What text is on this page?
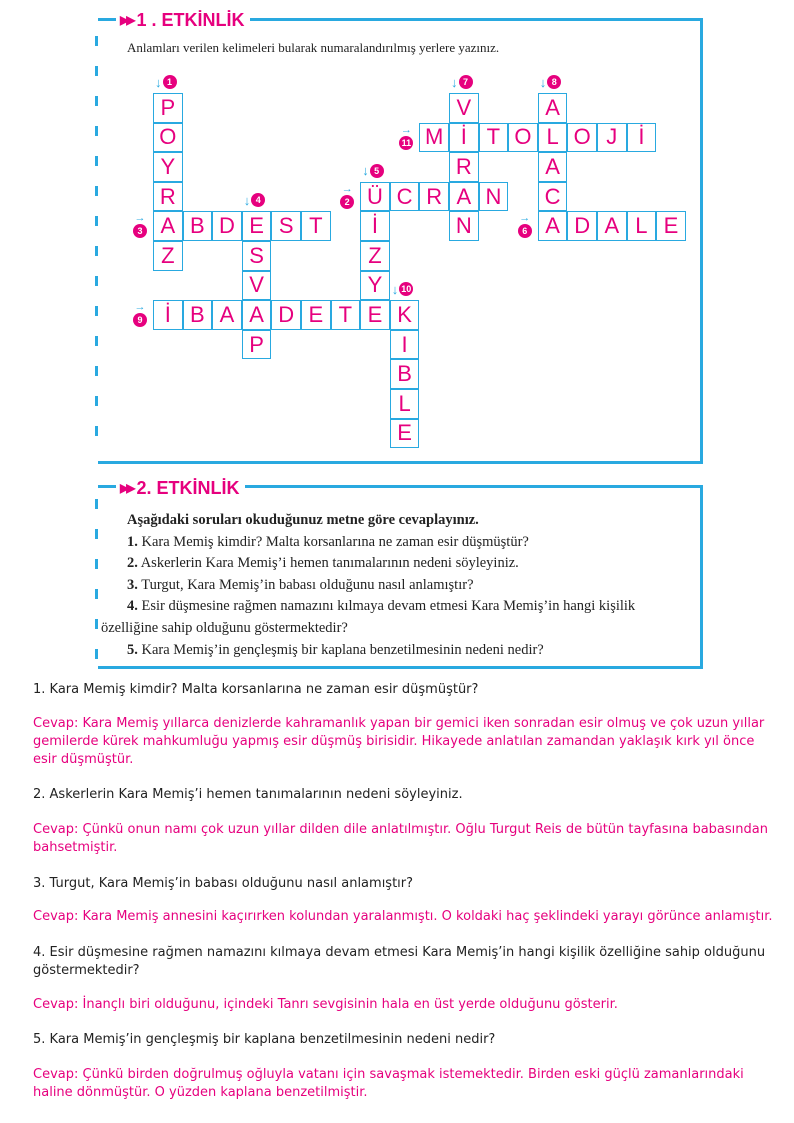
▶▶ 1 . ETKİNLİK
Anlamları verilen kelimeleri bularak numaralandırılmış yerlere yazınız.
P
O
Y
R
A
Z
B D E S T
S
V
A
P
İ B A	D E T E K
Ü C R A N
İ
Z
Y
I
B
L
E
V
İ
R
N
M	T O L O J İ
A
A
C
A D A L E
↓ 1
→
2
→
3
↓ 4
↓ 5
→
6
↓ 7	↓ 8
→
9
↓ 10
→
11
▶▶ 2. ETKİNLİK
Aşağıdaki soruları okuduğunuz metne göre cevaplayınız.
1. Kara Memiş kimdir? Malta korsanlarına ne zaman esir düşmüştür?
2. Askerlerin Kara Memiş’i hemen tanımalarının nedeni söyleyiniz.
3. Turgut, Kara Memiş’in babası olduğunu nasıl anlamıştır?
4. Esir düşmesine rağmen namazını kılmaya devam etmesi Kara Memiş’in hangi kişilik
özelliğine sahip olduğunu göstermektedir?
5. Kara Memiş’in gençleşmiş bir kaplana benzetilmesinin nedeni nedir?
1. Kara Memiş kimdir? Malta korsanlarına ne zaman esir düşmüştür?
Cevap: Kara Memiş yıllarca denizlerde kahramanlık yapan bir gemici iken sonradan esir olmuş ve çok uzun yıllar gemilerde kürek mahkumluğu yapmış esir düşmüş birisidir. Hikayede anlatılan zamandan yaklaşık kırk yıl önce esir düşmüştür.
2. Askerlerin Kara Memiş’i hemen tanımalarının nedeni söyleyiniz.
Cevap: Çünkü onun namı çok uzun yıllar dilden dile anlatılmıştır. Oğlu Turgut Reis de bütün tayfasına babasından bahsetmiştir.
3. Turgut, Kara Memiş’in babası olduğunu nasıl anlamıştır?
Cevap: Kara Memiş annesini kaçırırken kolundan yaralanmıştı. O koldaki haç şeklindeki yarayı görünce anlamıştır.
4. Esir düşmesine rağmen namazını kılmaya devam etmesi Kara Memiş’in hangi kişilik özelliğine sahip olduğunu göstermektedir?
Cevap: İnançlı biri olduğunu, içindeki Tanrı sevgisinin hala en üst yerde olduğunu gösterir.
5. Kara Memiş’in gençleşmiş bir kaplana benzetilmesinin nedeni nedir?
Cevap: Çünkü birden doğrulmuş oğluyla vatanı için savaşmak istemektedir. Birden eski güçlü zamanlarındaki haline dönmüştür. O yüzden kaplana benzetilmiştir.
